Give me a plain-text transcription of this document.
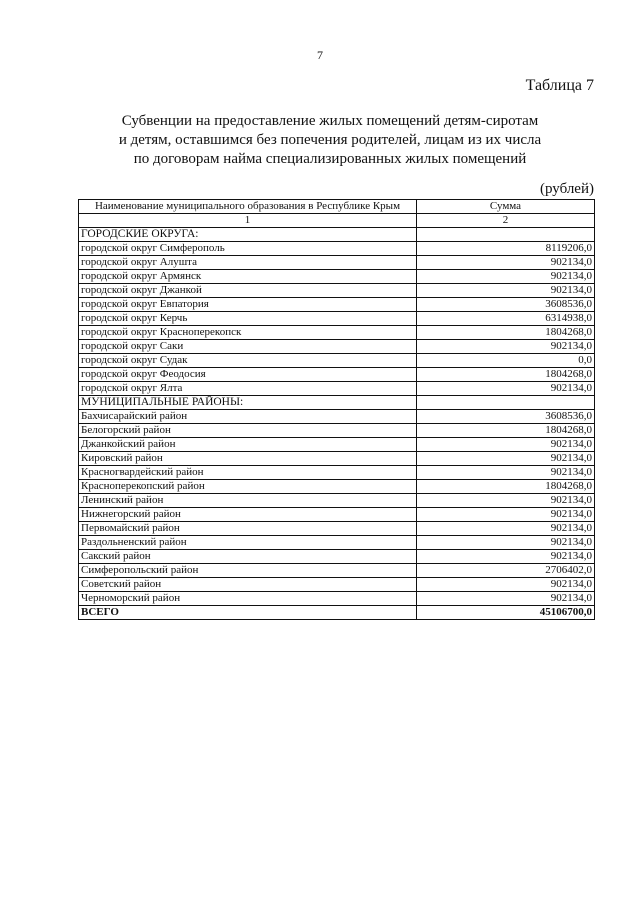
7
Таблица 7
Субвенции на предоставление жилых помещений детям-сиротам
и детям, оставшимся без попечения родителей, лицам из их числа
по договорам найма специализированных жилых помещений
(рублей)
Наименование муниципального образования в Республике Крым	Сумма
1	2
ГОРОДСКИЕ ОКРУГА:	
городской округ Симферополь	8119206,0
городской округ Алушта	902134,0
городской округ Армянск	902134,0
городской округ Джанкой	902134,0
городской округ Евпатория	3608536,0
городской округ Керчь	6314938,0
городской округ Красноперекопск	1804268,0
городской округ Саки	902134,0
городской округ Судак	0,0
городской округ Феодосия	1804268,0
городской округ Ялта	902134,0
МУНИЦИПАЛЬНЫЕ РАЙОНЫ:	
Бахчисарайский район	3608536,0
Белогорский район	1804268,0
Джанкойский район	902134,0
Кировский район	902134,0
Красногвардейский район	902134,0
Красноперекопский район	1804268,0
Ленинский район	902134,0
Нижнегорский район	902134,0
Первомайский район	902134,0
Раздольненский район	902134,0
Сакский район	902134,0
Симферопольский район	2706402,0
Советский район	902134,0
Черноморский район	902134,0
ВСЕГО	45106700,0
